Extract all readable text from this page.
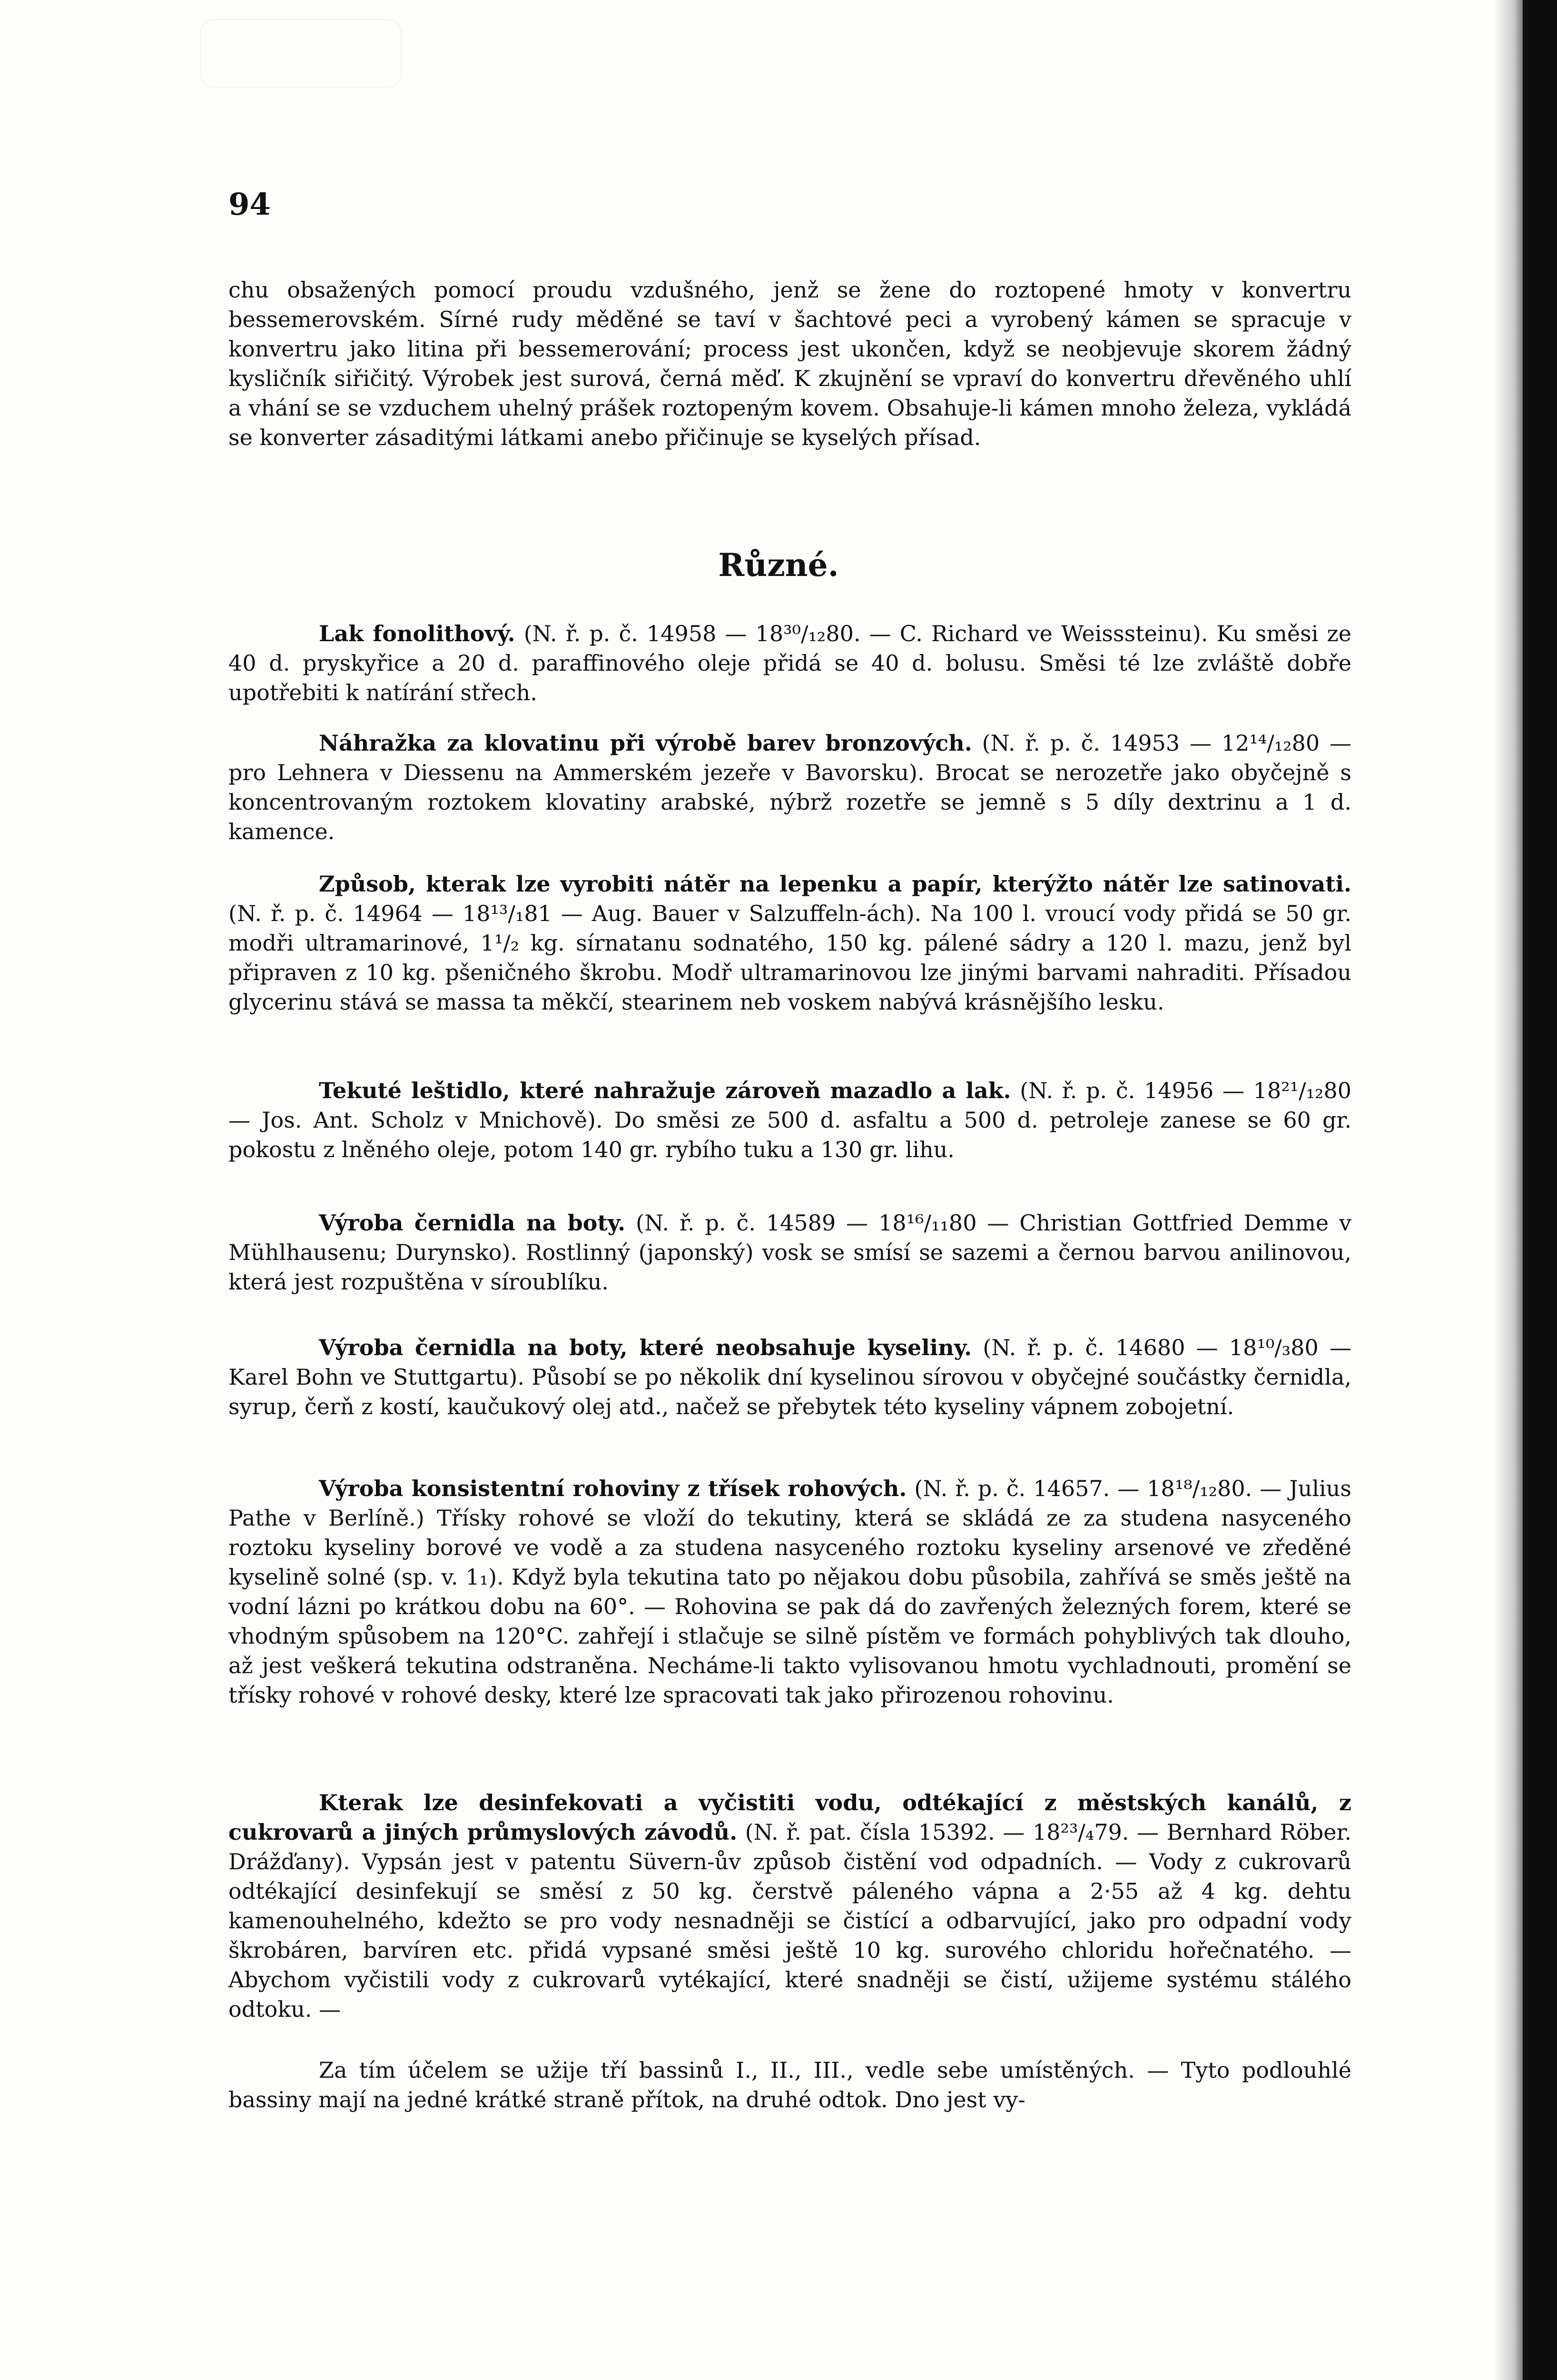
94
chu obsažených pomocí proudu vzdušného, jenž se žene do roztopené hmoty v konvertru bessemerovském. Sírné rudy měděné se taví v šachtové peci a vyrobený kámen se spracuje v konvertru jako litina při bessemerování; process jest ukončen, když se neobjevuje skorem žádný kysličník siřičitý. Výrobek jest surová, černá měď. K zkujnění se vpraví do konvertru dřevěného uhlí a vhání se se vzduchem uhelný prášek roztopeným kovem. Obsahuje-li kámen mnoho železa, vykládá se konverter zásaditými látkami anebo přičinuje se kyselých přísad.
Různé.
Lak fonolithový. (N. ř. p. č. 14958 — 18³⁰/₁₂80. — C. Richard ve Weisssteinu). Ku směsi ze 40 d. pryskyřice a 20 d. paraffinového oleje přidá se 40 d. bolusu. Směsi té lze zvláště dobře upotřebiti k natírání střech.
Náhražka za klovatinu při výrobě barev bronzových. (N. ř. p. č. 14953 — 12¹⁴/₁₂80 — pro Lehnera v Diessenu na Ammerském jezeře v Bavorsku). Brocat se nerozetře jako obyčejně s koncentrovaným roztokem klovatiny arabské, nýbrž rozetře se jemně s 5 díly dextrinu a 1 d. kamence.
Způsob, kterak lze vyrobiti nátěr na lepenku a papír, kterýžto nátěr lze satinovati. (N. ř. p. č. 14964 — 18¹³/₁81 — Aug. Bauer v Salzuffeln-ách). Na 100 l. vroucí vody přidá se 50 gr. modři ultramarinové, 1¹/₂ kg. sírnatanu sodnatého, 150 kg. pálené sádry a 120 l. mazu, jenž byl připraven z 10 kg. pšeničného škrobu. Modř ultramarinovou lze jinými barvami nahraditi. Přísadou glycerinu stává se massa ta měkčí, stearinem neb voskem nabývá krásnějšího lesku.
Tekuté leštidlo, které nahražuje zároveň mazadlo a lak. (N. ř. p. č. 14956 — 18²¹/₁₂80 — Jos. Ant. Scholz v Mnichově). Do směsi ze 500 d. asfaltu a 500 d. petroleje zanese se 60 gr. pokostu z lněného oleje, potom 140 gr. rybího tuku a 130 gr. lihu.
Výroba černidla na boty. (N. ř. p. č. 14589 — 18¹⁶/₁₁80 — Christian Gottfried Demme v Mühlhausenu; Durynsko). Rostlinný (japonský) vosk se smísí se sazemi a černou barvou anilinovou, která jest rozpuštěna v síroublíku.
Výroba černidla na boty, které neobsahuje kyseliny. (N. ř. p. č. 14680 — 18¹⁰/₃80 — Karel Bohn ve Stuttgartu). Působí se po několik dní kyselinou sírovou v obyčejné součástky černidla, syrup, čerň z kostí, kaučukový olej atd., načež se přebytek této kyseliny vápnem zobojetní.
Výroba konsistentní rohoviny z třísek rohových. (N. ř. p. č. 14657. — 18¹⁸/₁₂80. — Julius Pathe v Berlíně.) Třísky rohové se vloží do tekutiny, která se skládá ze za studena nasyceného roztoku kyseliny borové ve vodě a za studena nasyceného roztoku kyseliny arsenové ve zředěné kyselině solné (sp. v. 1₁). Když byla tekutina tato po nějakou dobu působila, zahřívá se směs ještě na vodní lázni po krátkou dobu na 60°. — Rohovina se pak dá do zavřených železných forem, které se vhodným spůsobem na 120°C. zahřejí i stlačuje se silně pístěm ve formách pohyblivých tak dlouho, až jest veškerá tekutina odstraněna. Necháme-li takto vylisovanou hmotu vychladnouti, promění se třísky rohové v rohové desky, které lze spracovati tak jako přirozenou rohovinu.
Kterak lze desinfekovati a vyčistiti vodu, odtékající z městských kanálů, z cukrovarů a jiných průmyslových závodů. (N. ř. pat. čísla 15392. — 18²³/₄79. — Bernhard Röber. Drážďany). Vypsán jest v patentu Süvern-ův způsob čistění vod odpadních. — Vody z cukrovarů odtékající desinfekují se směsí z 50 kg. čerstvě páleného vápna a 2·55 až 4 kg. dehtu kamenouhelného, kdežto se pro vody nesnadněji se čistící a odbarvující, jako pro odpadní vody škrobáren, barvíren etc. přidá vypsané směsi ještě 10 kg. surového chloridu hořečnatého. — Abychom vyčistili vody z cukrovarů vytékající, které snadněji se čistí, užijeme systému stálého odtoku. —
Za tím účelem se užije tří bassinů I., II., III., vedle sebe umístěných. — Tyto podlouhlé bassiny mají na jedné krátké straně přítok, na druhé odtok. Dno jest vy-
